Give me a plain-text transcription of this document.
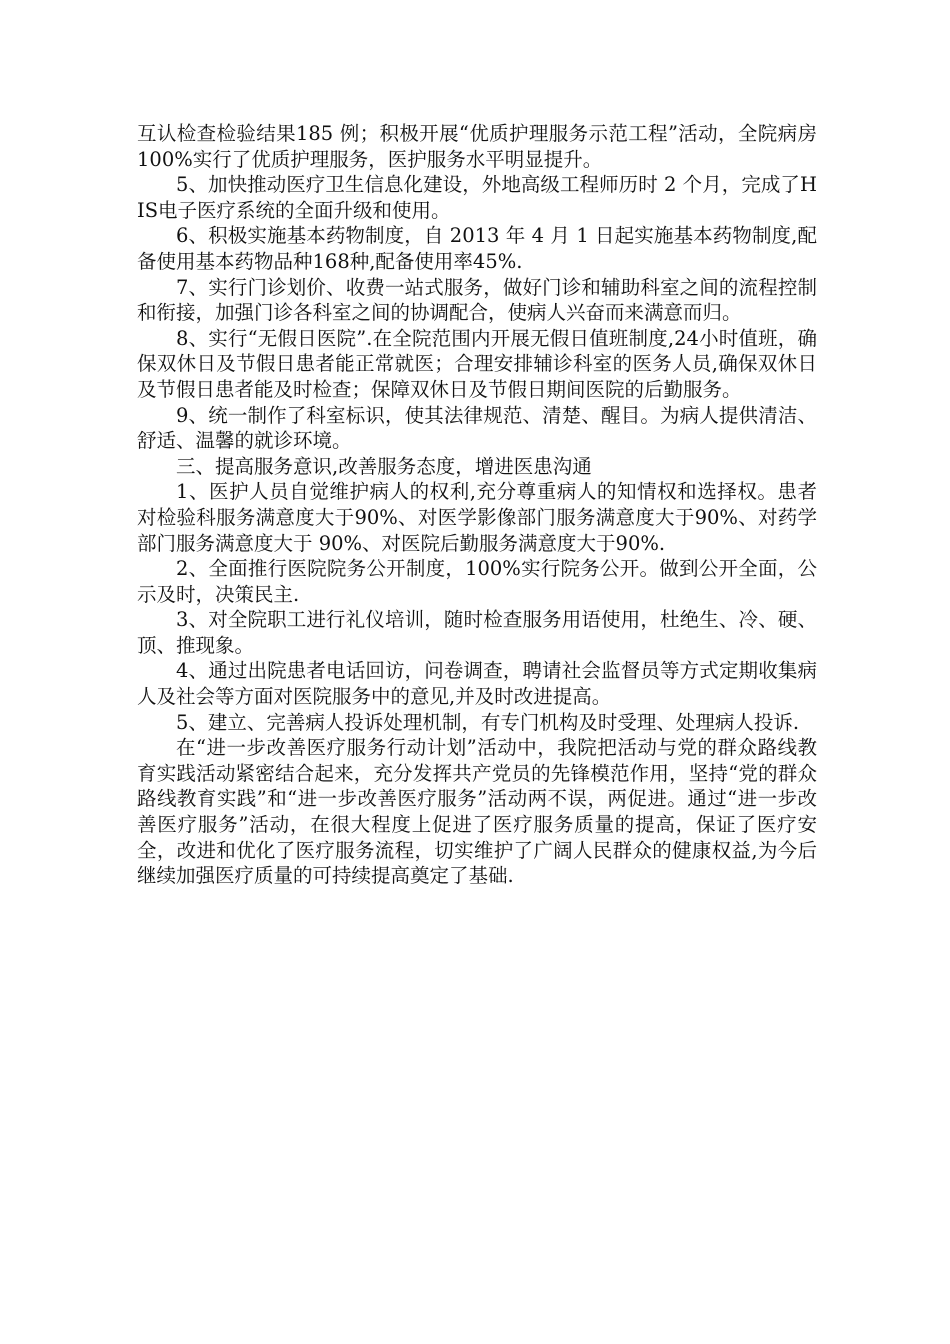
互认检查检验结果185 例；积极开展“优质护理服务示范工程”活动，全院病房100%实行了优质护理服务，医护服务水平明显提升。

5、加快推动医疗卫生信息化建设，外地高级工程师历时 2 个月，完成了HIS电子医疗系统的全面升级和使用。

6、积极实施基本药物制度，自 2013 年 4 月 1 日起实施基本药物制度,配备使用基本药物品种168种,配备使用率45%.

7、实行门诊划价、收费一站式服务，做好门诊和辅助科室之间的流程控制和衔接，加强门诊各科室之间的协调配合，使病人兴奋而来满意而归。

8、实行“无假日医院”.在全院范围内开展无假日值班制度,24小时值班，确保双休日及节假日患者能正常就医；合理安排辅诊科室的医务人员,确保双休日及节假日患者能及时检查；保障双休日及节假日期间医院的后勤服务。

9、统一制作了科室标识，使其法律规范、清楚、醒目。为病人提供清洁、舒适、温馨的就诊环境。

三、提高服务意识,改善服务态度，增进医患沟通

1、医护人员自觉维护病人的权利,充分尊重病人的知情权和选择权。患者对检验科服务满意度大于90%、对医学影像部门服务满意度大于90%、对药学部门服务满意度大于 90%、对医院后勤服务满意度大于90%.

2、全面推行医院院务公开制度，100%实行院务公开。做到公开全面，公示及时，决策民主.

3、对全院职工进行礼仪培训，随时检查服务用语使用，杜绝生、冷、硬、顶、推现象。

4、通过出院患者电话回访，问卷调查，聘请社会监督员等方式定期收集病人及社会等方面对医院服务中的意见,并及时改进提高。

5、建立、完善病人投诉处理机制，有专门机构及时受理、处理病人投诉.

在“进一步改善医疗服务行动计划”活动中，我院把活动与党的群众路线教育实践活动紧密结合起来，充分发挥共产党员的先锋模范作用，坚持“党的群众路线教育实践”和“进一步改善医疗服务”活动两不误，两促进。通过“进一步改善医疗服务”活动，在很大程度上促进了医疗服务质量的提高，保证了医疗安全，改进和优化了医疗服务流程，切实维护了广阔人民群众的健康权益,为今后继续加强医疗质量的可持续提高奠定了基础.
